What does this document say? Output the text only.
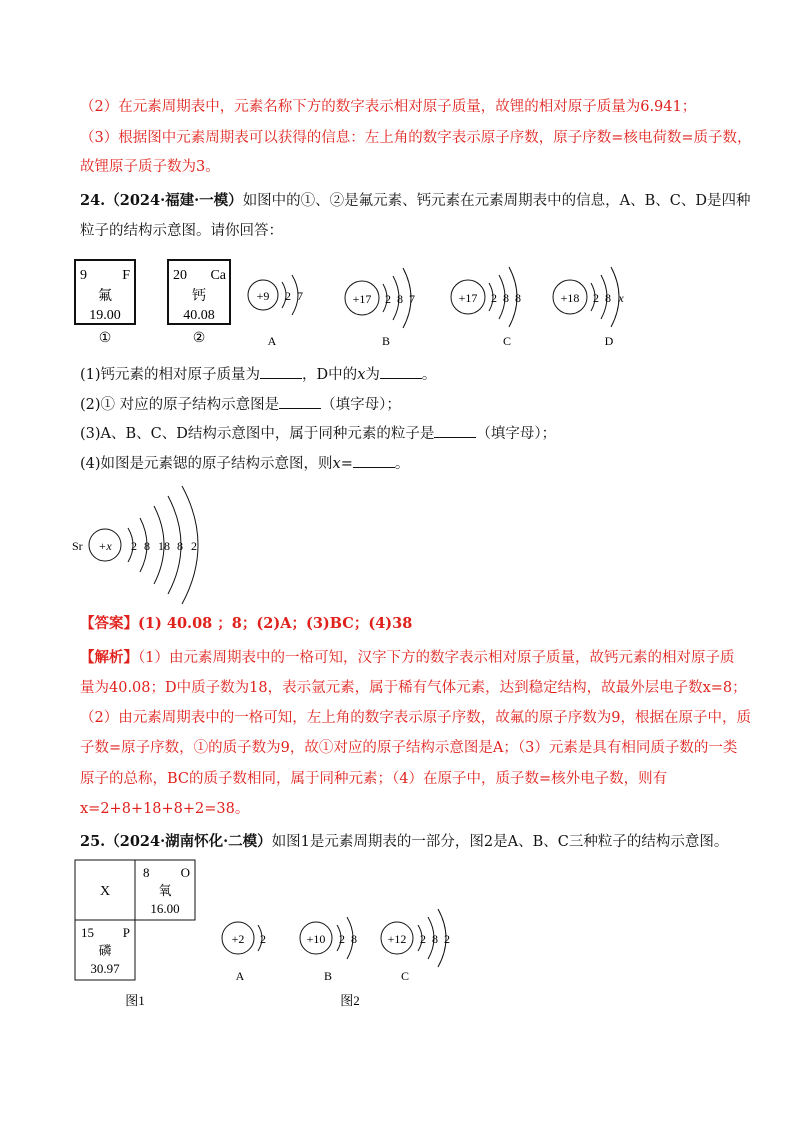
（2）在元素周期表中，元素名称下方的数字表示相对原子质量，故锂的相对原子质量为6.941；
（3）根据图中元素周期表可以获得的信息：左上角的数字表示原子序数，原子序数=核电荷数=质子数，
故锂原子质子数为3。
24.（2024·福建·一模）如图中的①、②是氟元素、钙元素在元素周期表中的信息，A、B、C、D是四种
粒子的结构示意图。请你回答：
9	F
氟
19.00
①
20 Ca
钙
40.08
②
+9 2 7
A
+17 2 8 7
B
+17 2 8 8
C
+18 2 8 x
D
(1)钙元素的相对原子质量为	，D中的x为	。
(2)① 对应的原子结构示意图是	（填字母）；
(3)A、B、C、D结构示意图中，属于同种元素的粒子是	（填字母）；
(4)如图是元素锶的原子结构示意图，则x=	。
Sr +x 2 8 18 8 2
【答案】(1) 40.08 ；8；(2)A；(3)BC；(4)38
【解析】（1）由元素周期表中的一格可知，汉字下方的数字表示相对原子质量，故钙元素的相对原子质
量为40.08；D中质子数为18，表示氩元素，属于稀有气体元素，达到稳定结构，故最外层电子数x=8；
（2）由元素周期表中的一格可知，左上角的数字表示原子序数，故氟的原子序数为9，根据在原子中，质
子数=原子序数，①的质子数为9，故①对应的原子结构示意图是A；（3）元素是具有相同质子数的一类
原子的总称，BC的质子数相同，属于同种元素；（4）在原子中，质子数=核外电子数，则有
x=2+8+18+8+2=38。
25.（2024·湖南怀化·二模）如图1是元素周期表的一部分，图2是A、B、C三种粒子的结构示意图。
X
8 O
氧
16.00
15 P
磷
30.97
图1
+2 2
A
+10 2 8
B
+12 2 8 2
C
图2
